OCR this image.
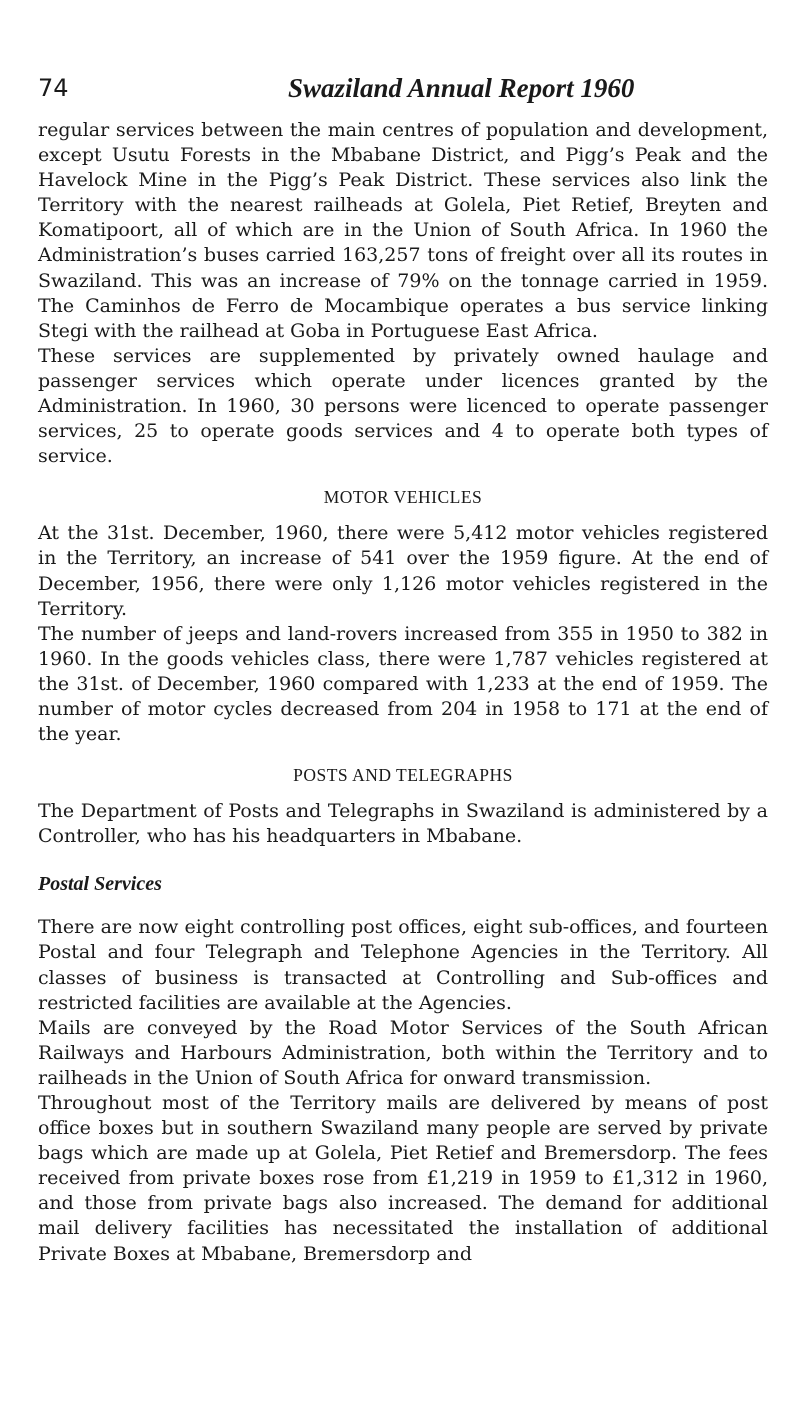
74	Swaziland Annual Report 1960

regular services between the main centres of population and development, except Usutu Forests in the Mbabane District, and Pigg’s Peak and the Havelock Mine in the Pigg’s Peak District. These services also link the Territory with the nearest railheads at Golela, Piet Retief, Breyten and Komatipoort, all of which are in the Union of South Africa. In 1960 the Administration’s buses carried 163,257 tons of freight over all its routes in Swaziland. This was an increase of 79% on the tonnage carried in 1959. The Caminhos de Ferro de Mocambique operates a bus service linking Stegi with the railhead at Goba in Portuguese East Africa.

These services are supplemented by privately owned haulage and passenger services which operate under licences granted by the Administration. In 1960, 30 persons were licenced to operate passenger services, 25 to operate goods services and 4 to operate both types of service.

MOTOR VEHICLES

At the 31st. December, 1960, there were 5,412 motor vehicles registered in the Territory, an increase of 541 over the 1959 figure. At the end of December, 1956, there were only 1,126 motor vehicles registered in the Territory.

The number of jeeps and land-rovers increased from 355 in 1950 to 382 in 1960. In the goods vehicles class, there were 1,787 vehicles registered at the 31st. of December, 1960 compared with 1,233 at the end of 1959. The number of motor cycles decreased from 204 in 1958 to 171 at the end of the year.

POSTS AND TELEGRAPHS

The Department of Posts and Telegraphs in Swaziland is administered by a Controller, who has his headquarters in Mbabane.

Postal Services

There are now eight controlling post offices, eight sub-offices, and fourteen Postal and four Telegraph and Telephone Agencies in the Territory. All classes of business is transacted at Controlling and Sub-offices and restricted facilities are available at the Agencies.

Mails are conveyed by the Road Motor Services of the South African Railways and Harbours Administration, both within the Territory and to railheads in the Union of South Africa for onward transmission.

Throughout most of the Territory mails are delivered by means of post office boxes but in southern Swaziland many people are served by private bags which are made up at Golela, Piet Retief and Bremersdorp. The fees received from private boxes rose from £1,219 in 1959 to £1,312 in 1960, and those from private bags also increased. The demand for additional mail delivery facilities has necessitated the installation of additional Private Boxes at Mbabane, Bremersdorp and
